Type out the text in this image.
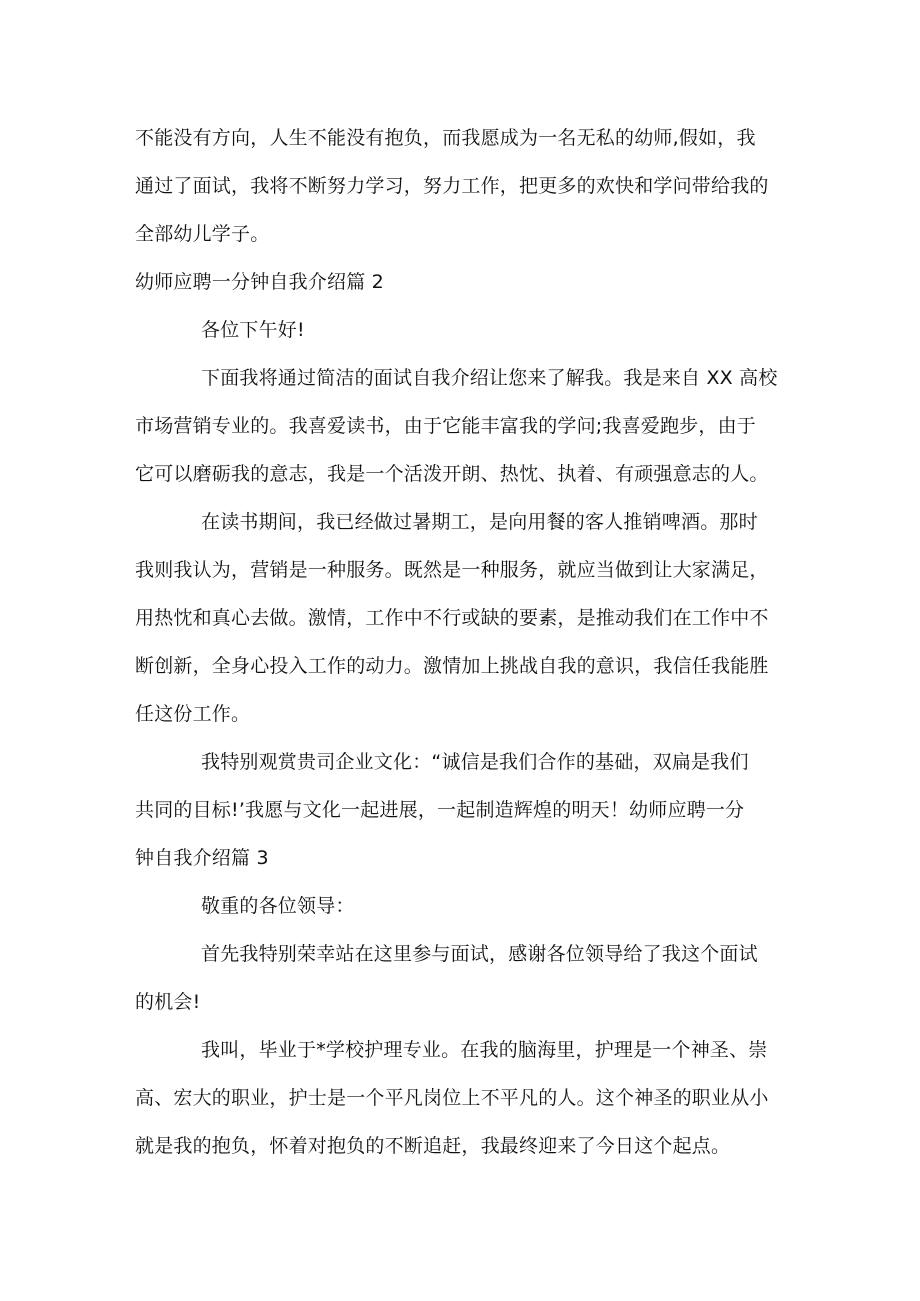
不能没有方向，人生不能没有抱负，而我愿成为一名无私的幼师,假如，我
通过了面试，我将不断努力学习，努力工作，把更多的欢快和学问带给我的
全部幼儿学子。
幼师应聘一分钟自我介绍篇 2
各位下午好!
下面我将通过简洁的面试自我介绍让您来了解我。我是来自 XX 高校
市场营销专业的。我喜爱读书，由于它能丰富我的学问;我喜爱跑步，由于
它可以磨砺我的意志，我是一个活泼开朗、热忱、执着、有顽强意志的人。
在读书期间，我已经做过暑期工，是向用餐的客人推销啤酒。那时
我则我认为，营销是一种服务。既然是一种服务，就应当做到让大家满足，
用热忱和真心去做。激情，工作中不行或缺的要素，是推动我们在工作中不
断创新，全身心投入工作的动力。激情加上挑战自我的意识，我信任我能胜
任这份工作。
我特别观赏贵司企业文化：“诚信是我们合作的基础，双扁是我们
共同的目标!’我愿与文化一起进展，一起制造辉煌的明天！幼师应聘一分
钟自我介绍篇 3
敬重的各位领导：
首先我特别荣幸站在这里参与面试，感谢各位领导给了我这个面试
的机会!
我叫，毕业于*学校护理专业。在我的脑海里，护理是一个神圣、崇
高、宏大的职业，护士是一个平凡岗位上不平凡的人。这个神圣的职业从小
就是我的抱负，怀着对抱负的不断追赶，我最终迎来了今日这个起点。
